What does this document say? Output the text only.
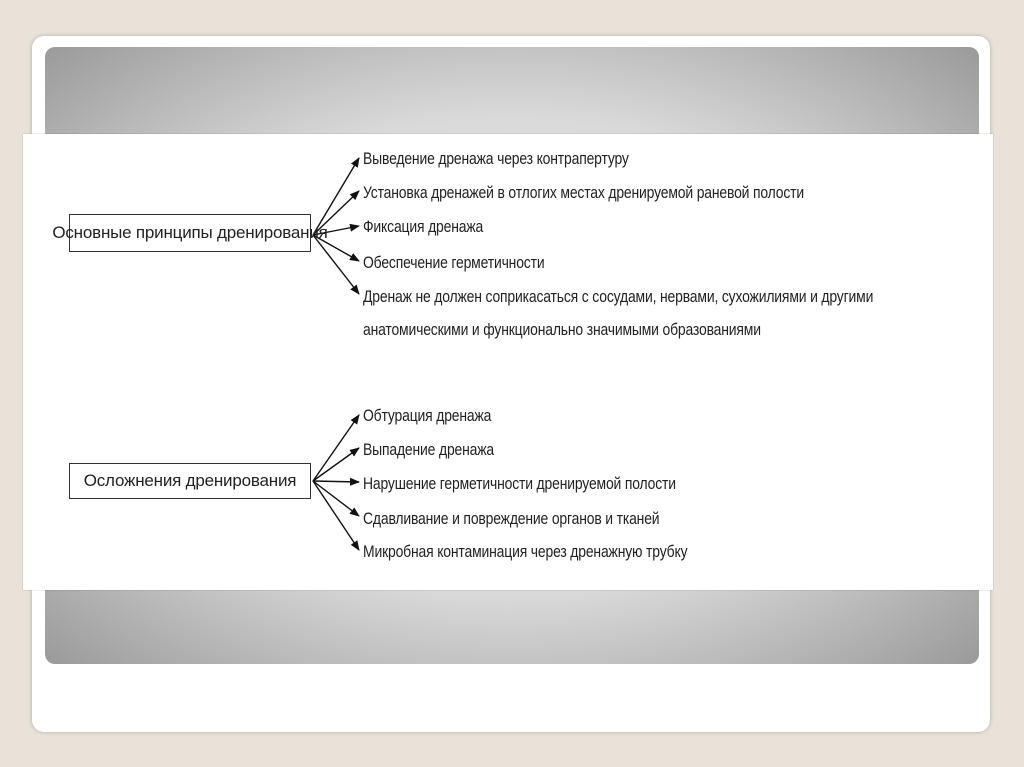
Основные принципы дренирования
Выведение дренажа через контрапертуру
Установка дренажей в отлогих местах дренируемой раневой полости
Фиксация дренажа
Обеспечение герметичности
Дренаж не должен соприкасаться с сосудами, нервами, сухожилиями и другими
анатомическими и функционально значимыми образованиями
Осложнения дренирования
Обтурация дренажа
Выпадение дренажа
Нарушение герметичности дренируемой полости
Сдавливание и повреждение органов и тканей
Микробная контаминация через дренажную трубку
